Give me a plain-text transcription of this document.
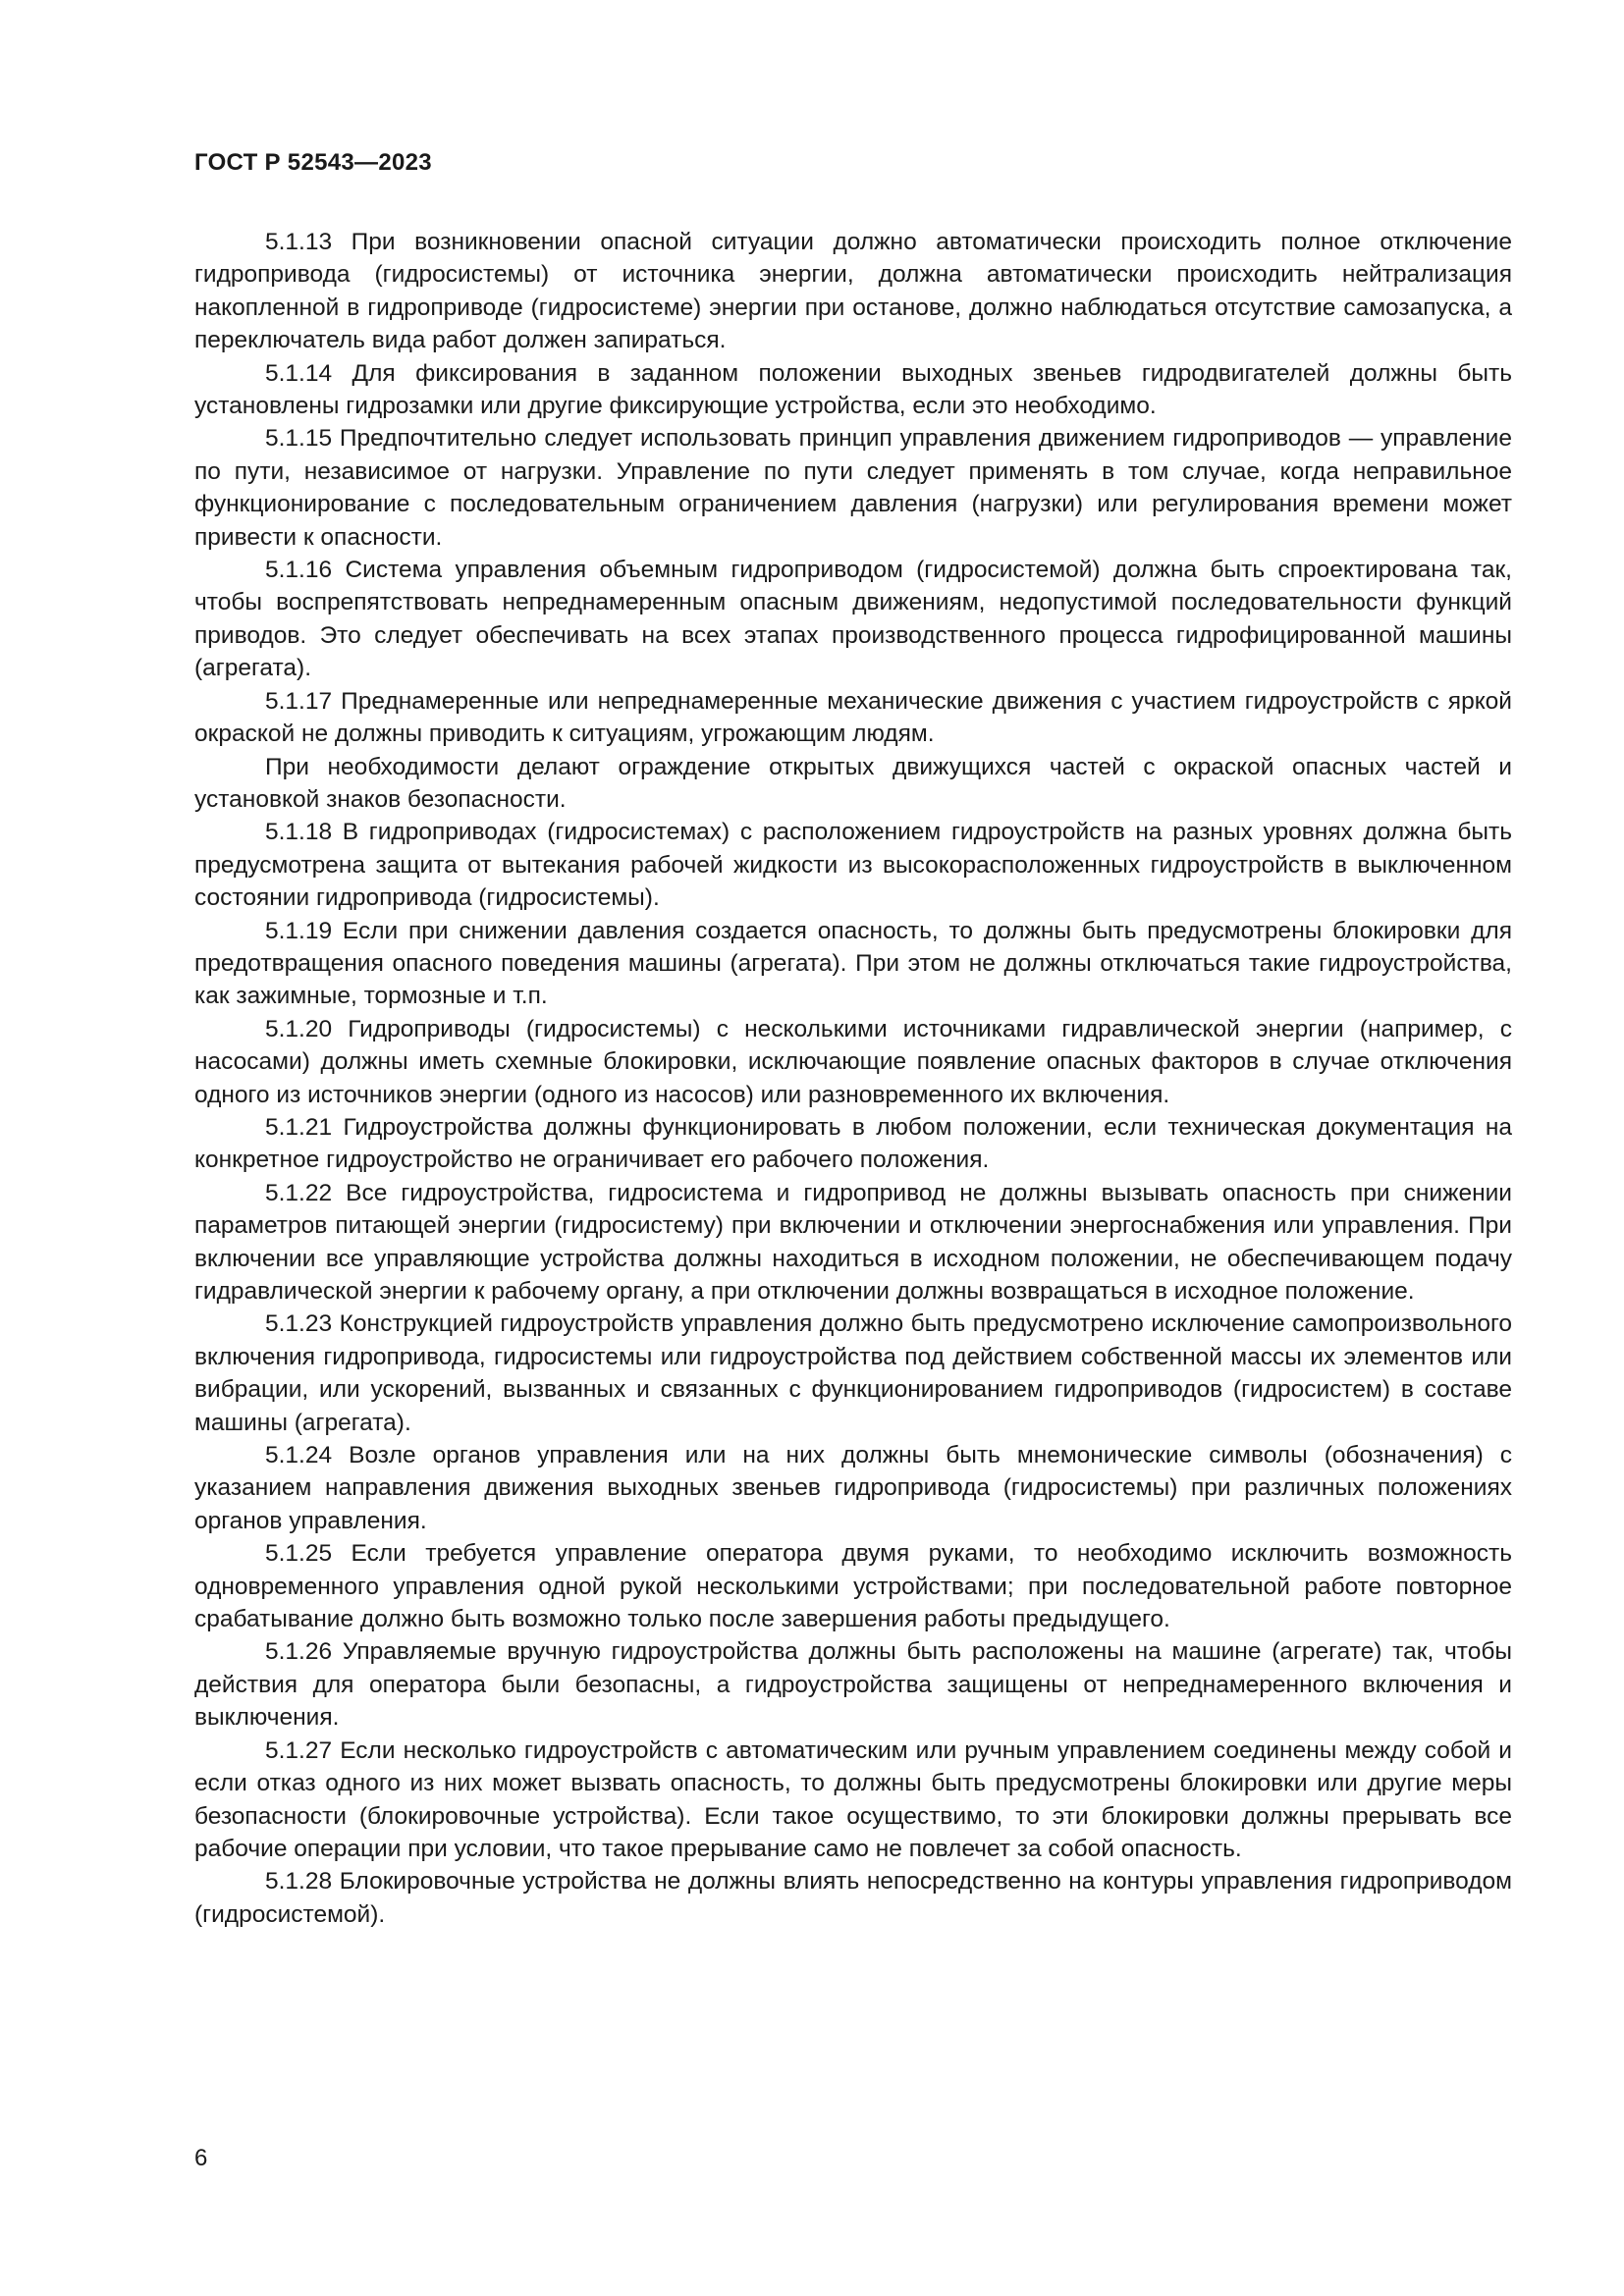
ГОСТ Р 52543—2023

5.1.13 При возникновении опасной ситуации должно автоматически происходить полное отключение гидропривода (гидросистемы) от источника энергии, должна автоматически происходить нейтрализация накопленной в гидроприводе (гидросистеме) энергии при останове, должно наблюдаться отсутствие самозапуска, а переключатель вида работ должен запираться.

5.1.14 Для фиксирования в заданном положении выходных звеньев гидродвигателей должны быть установлены гидрозамки или другие фиксирующие устройства, если это необходимо.

5.1.15 Предпочтительно следует использовать принцип управления движением гидроприводов — управление по пути, независимое от нагрузки. Управление по пути следует применять в том случае, когда неправильное функционирование с последовательным ограничением давления (нагрузки) или регулирования времени может привести к опасности.

5.1.16 Система управления объемным гидроприводом (гидросистемой) должна быть спроектирована так, чтобы воспрепятствовать непреднамеренным опасным движениям, недопустимой последовательности функций приводов. Это следует обеспечивать на всех этапах производственного процесса гидрофицированной машины (агрегата).

5.1.17 Преднамеренные или непреднамеренные механические движения с участием гидроустройств с яркой окраской не должны приводить к ситуациям, угрожающим людям.

При необходимости делают ограждение открытых движущихся частей с окраской опасных частей и установкой знаков безопасности.

5.1.18 В гидроприводах (гидросистемах) с расположением гидроустройств на разных уровнях должна быть предусмотрена защита от вытекания рабочей жидкости из высокорасположенных гидроустройств в выключенном состоянии гидропривода (гидросистемы).

5.1.19 Если при снижении давления создается опасность, то должны быть предусмотрены блокировки для предотвращения опасного поведения машины (агрегата). При этом не должны отключаться такие гидроустройства, как зажимные, тормозные и т.п.

5.1.20 Гидроприводы (гидросистемы) с несколькими источниками гидравлической энергии (например, с насосами) должны иметь схемные блокировки, исключающие появление опасных факторов в случае отключения одного из источников энергии (одного из насосов) или разновременного их включения.

5.1.21 Гидроустройства должны функционировать в любом положении, если техническая документация на конкретное гидроустройство не ограничивает его рабочего положения.

5.1.22 Все гидроустройства, гидросистема и гидропривод не должны вызывать опасность при снижении параметров питающей энергии (гидросистему) при включении и отключении энергоснабжения или управления. При включении все управляющие устройства должны находиться в исходном положении, не обеспечивающем подачу гидравлической энергии к рабочему органу, а при отключении должны возвращаться в исходное положение.

5.1.23 Конструкцией гидроустройств управления должно быть предусмотрено исключение самопроизвольного включения гидропривода, гидросистемы или гидроустройства под действием собственной массы их элементов или вибрации, или ускорений, вызванных и связанных с функционированием гидроприводов (гидросистем) в составе машины (агрегата).

5.1.24 Возле органов управления или на них должны быть мнемонические символы (обозначения) с указанием направления движения выходных звеньев гидропривода (гидросистемы) при различных положениях органов управления.

5.1.25 Если требуется управление оператора двумя руками, то необходимо исключить возможность одновременного управления одной рукой несколькими устройствами; при последовательной работе повторное срабатывание должно быть возможно только после завершения работы предыдущего.

5.1.26 Управляемые вручную гидроустройства должны быть расположены на машине (агрегате) так, чтобы действия для оператора были безопасны, а гидроустройства защищены от непреднамеренного включения и выключения.

5.1.27 Если несколько гидроустройств с автоматическим или ручным управлением соединены между собой и если отказ одного из них может вызвать опасность, то должны быть предусмотрены блокировки или другие меры безопасности (блокировочные устройства). Если такое осуществимо, то эти блокировки должны прерывать все рабочие операции при условии, что такое прерывание само не повлечет за собой опасность.

5.1.28 Блокировочные устройства не должны влиять непосредственно на контуры управления гидроприводом (гидросистемой).

6
